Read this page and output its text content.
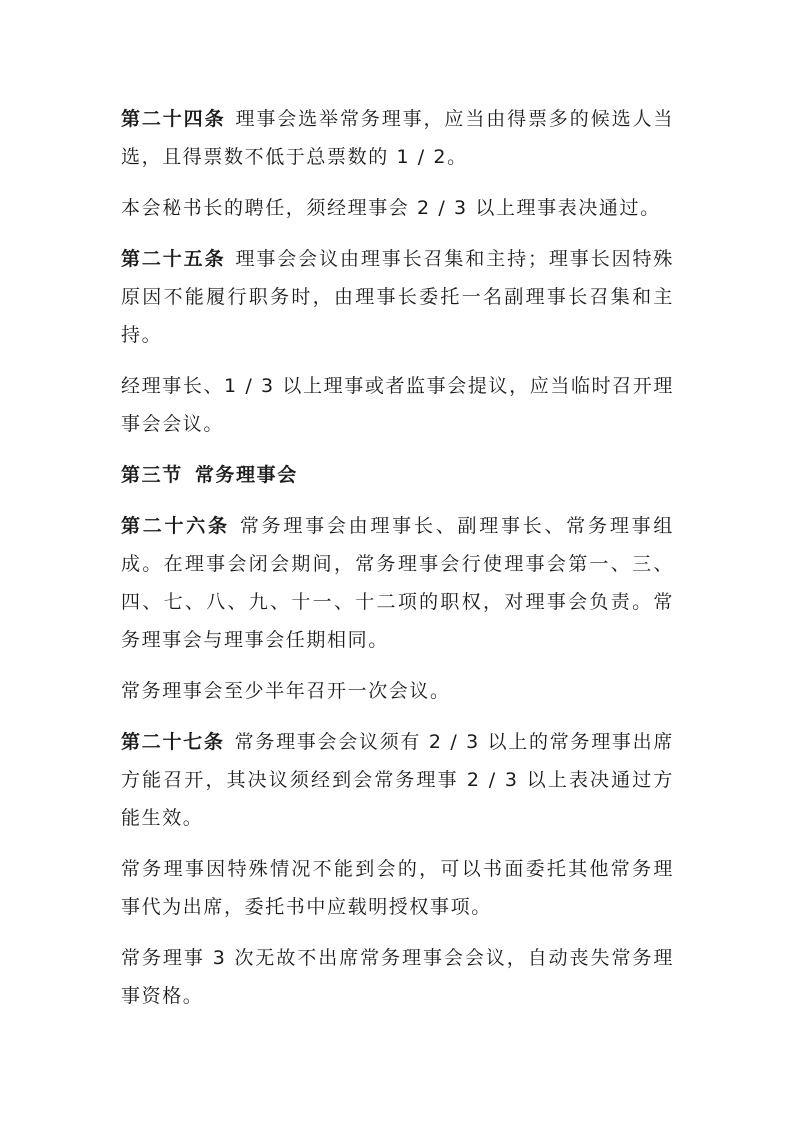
第二十四条 理事会选举常务理事，应当由得票多的候选人当选，且得票数不低于总票数的 1 / 2。

本会秘书长的聘任，须经理事会 2 / 3 以上理事表决通过。

第二十五条 理事会会议由理事长召集和主持；理事长因特殊原因不能履行职务时，由理事长委托一名副理事长召集和主持。

经理事长、1 / 3 以上理事或者监事会提议，应当临时召开理事会会议。

第三节 常务理事会

第二十六条 常务理事会由理事长、副理事长、常务理事组成。在理事会闭会期间，常务理事会行使理事会第一、三、四、七、八、九、十一、十二项的职权，对理事会负责。常务理事会与理事会任期相同。

常务理事会至少半年召开一次会议。

第二十七条 常务理事会会议须有 2 / 3 以上的常务理事出席方能召开，其决议须经到会常务理事 2 / 3 以上表决通过方能生效。

常务理事因特殊情况不能到会的，可以书面委托其他常务理事代为出席，委托书中应载明授权事项。

常务理事 3 次无故不出席常务理事会会议，自动丧失常务理事资格。
